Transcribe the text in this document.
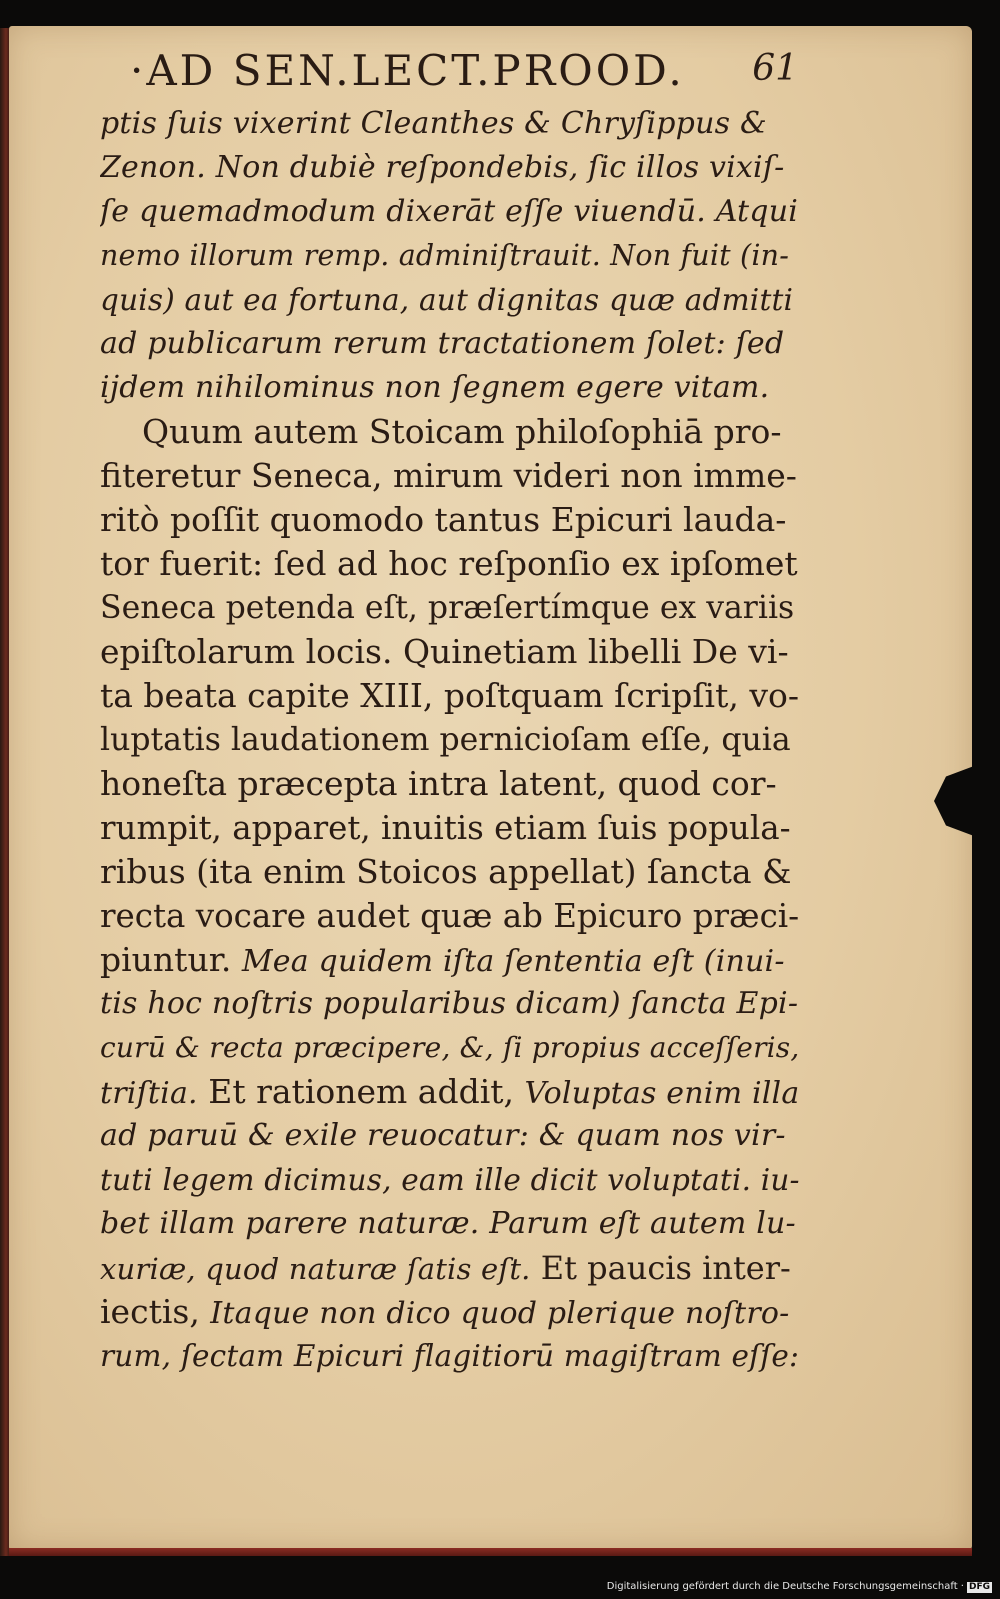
·AD SEN.LECT.PROOD. 61
ptis ſuis vixerint Cleanthes & Chryſippus &
Zenon. Non dubiè reſpondebis, ſic illos vixiſ-
ſe quemadmodum dixerāt eſſe viuendū. Atqui
nemo illorum remp. adminiſtrauit. Non fuit (in-
quis) aut ea fortuna, aut dignitas quæ admitti
ad publicarum rerum tractationem ſolet: ſed
ijdem nihilominus non ſegnem egere vitam.
Quum autem Stoicam philoſophiā pro-
fiteretur Seneca, mirum videri non imme-
ritò poſſit quomodo tantus Epicuri lauda-
tor fuerit: ſed ad hoc reſponſio ex ipſomet
Seneca petenda eſt, præſertímque ex variis
epiſtolarum locis. Quinetiam libelli De vi-
ta beata capite XIII, poſtquam ſcripſit, vo-
luptatis laudationem pernicioſam eſſe, quia
honeſta præcepta intra latent, quod cor-
rumpit, apparet, inuitis etiam ſuis popula-
ribus (ita enim Stoicos appellat) ſancta &
recta vocare audet quæ ab Epicuro præci-
piuntur. Mea quidem iſta ſententia eſt (inui-
tis hoc noſtris popularibus dicam) ſancta Epi-
curū & recta præcipere, &, ſi propius acceſſeris,
triſtia. Et rationem addit, Voluptas enim illa
ad paruū & exile reuocatur: & quam nos vir-
tuti legem dicimus, eam ille dicit voluptati. iu-
bet illam parere naturæ. Parum eſt autem lu-
xuriæ, quod naturæ ſatis eſt. Et paucis inter-
iectis, Itaque non dico quod plerique noſtro-
rum, ſectam Epicuri flagitiorū magiſtram eſſe:
Digitalisierung gefördert durch die Deutsche Forschungsgemeinschaft · DFG
